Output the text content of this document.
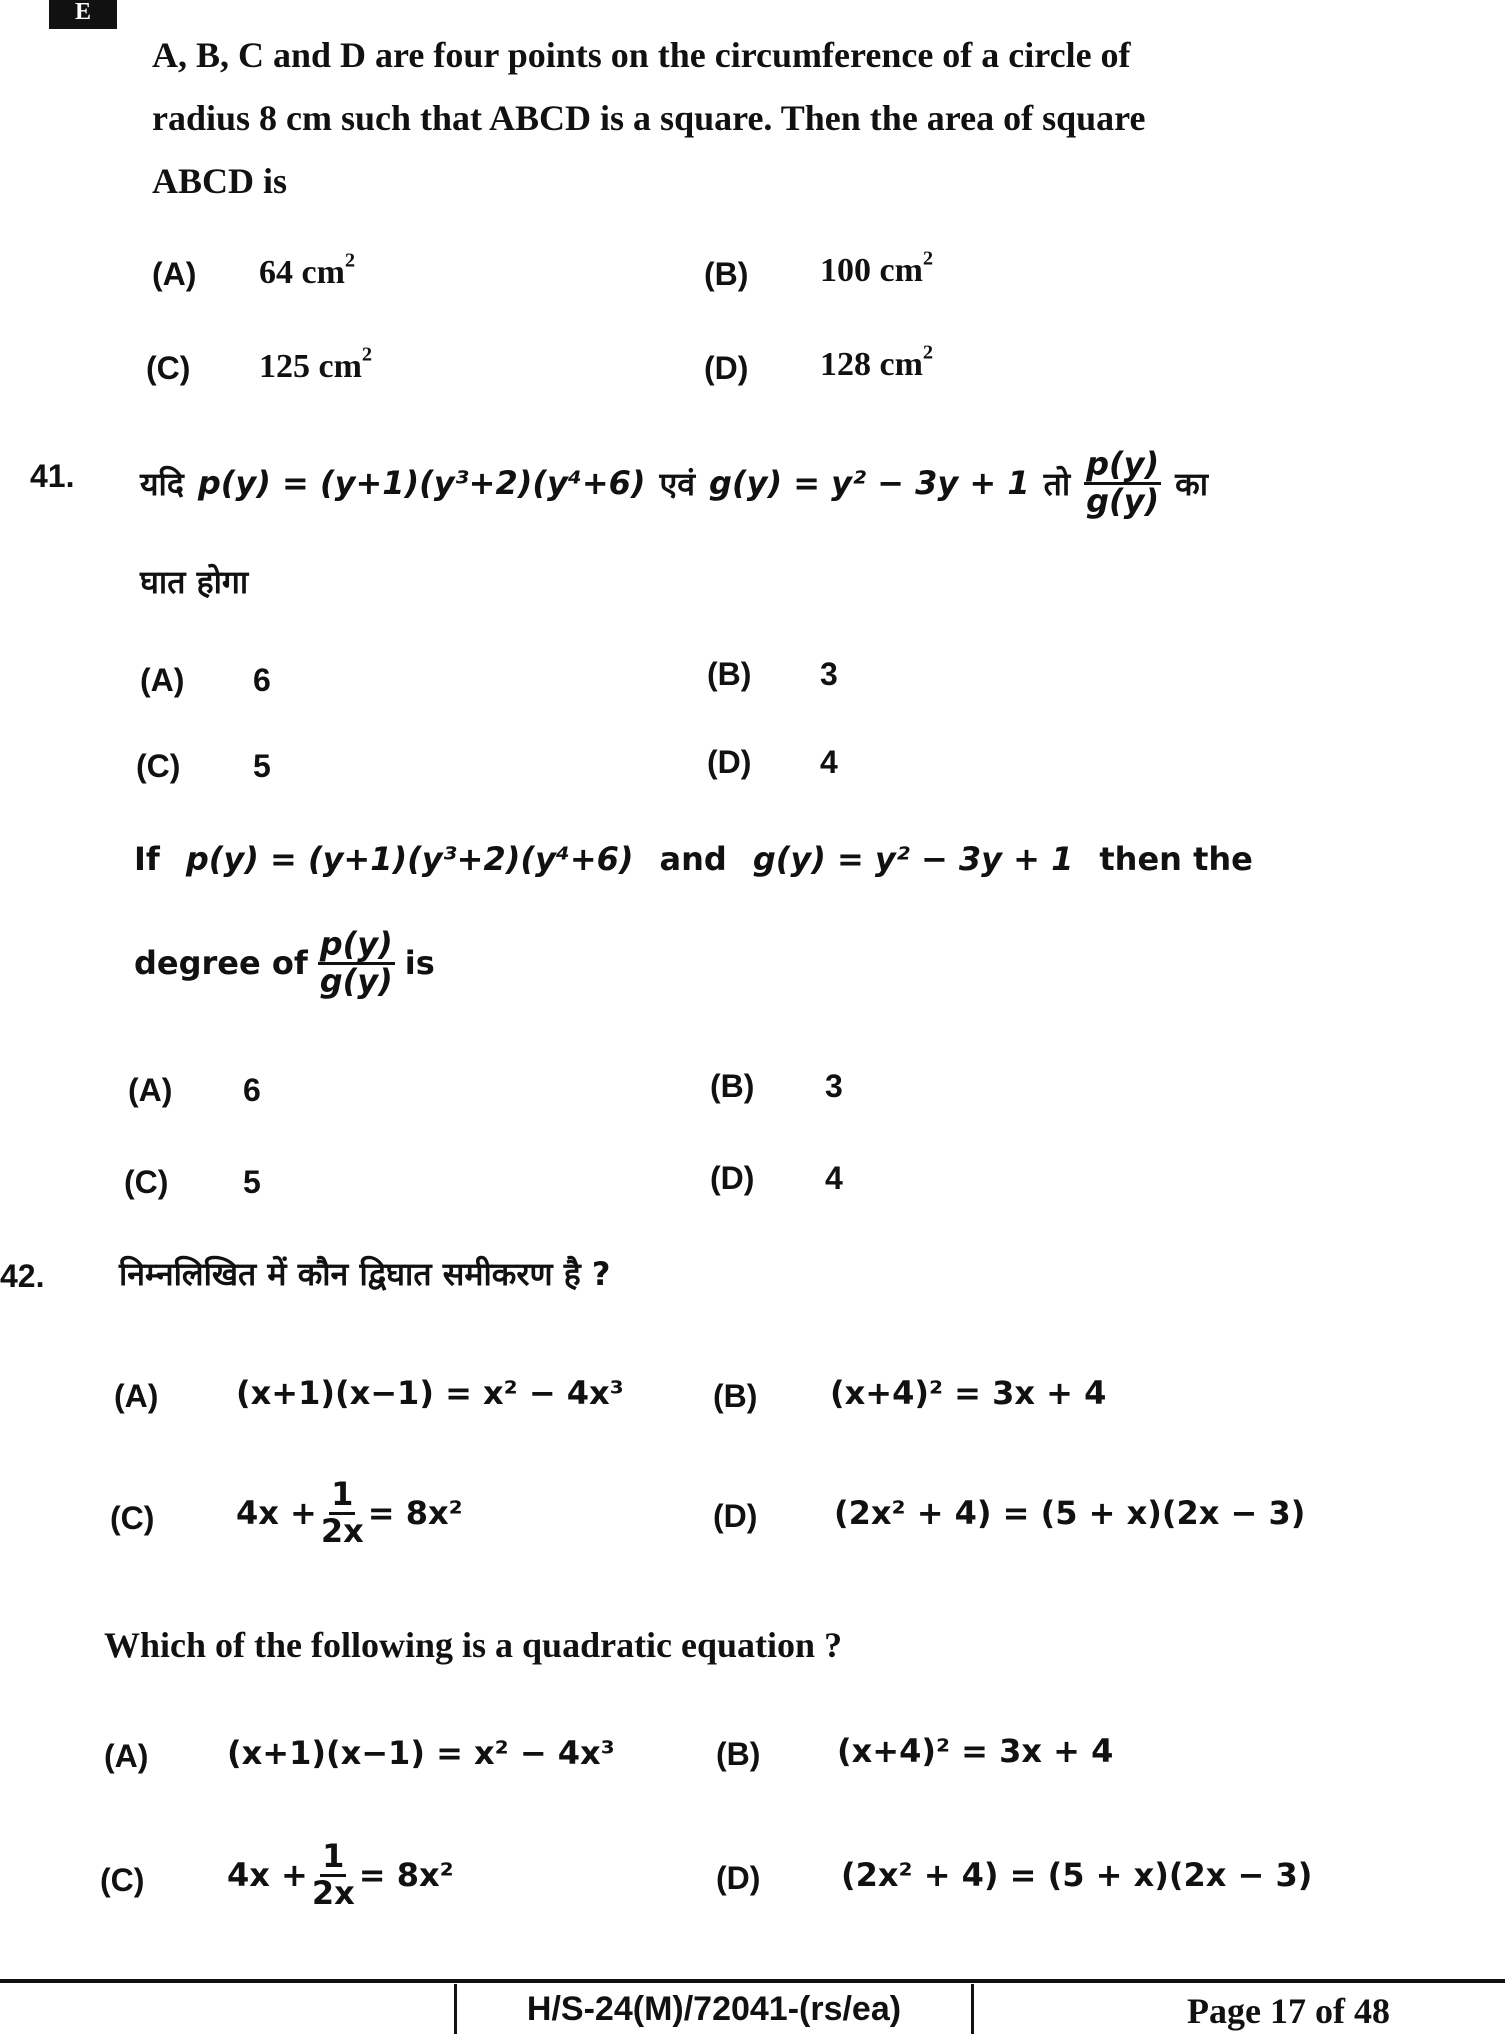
E
A, B, C and D are four points on the circumference of a circle of
radius 8 cm such that ABCD is a square. Then the area of square
ABCD is
(A) 64 $cm^2$	(B) 100 $cm^2$
(C) 125 $cm^2$	(D) 128 $cm^2$
41. यदि p(y) = (y+1)(y³+2)(y⁴+6) एवं g(y) = y² − 3y + 1 तो $\frac{p(y)}{g(y)}$ का
घात होगा
(A) 6	(B) 3
(C) 5	(D) 4
If p(y) = (y+1)(y³+2)(y⁴+6) and g(y) = y² − 3y + 1 then the
degree of $\frac{p(y)}{g(y)}$ is
(A) 6	(B) 3
(C) 5	(D) 4
42. निम्नलिखित में कौन द्विघात समीकरण है ?
(A) (x+1)(x−1) = x² − 4x³	(B) (x+4)² = 3x + 4
(C)	$4x + \frac{1}{2x} = 8x^2$	(D) (2x² + 4) = (5 + x)(2x − 3)
Which of the following is a quadratic equation ?
(A) (x+1)(x−1) = x² − 4x³	(B) (x+4)² = 3x + 4
(C)	$4x + \frac{1}{2x} = 8x^2$	(D)	(2x² + 4) = (5 + x)(2x − 3)
H/S-24(M)/72041-(rs/ea)	Page 17 of 48
